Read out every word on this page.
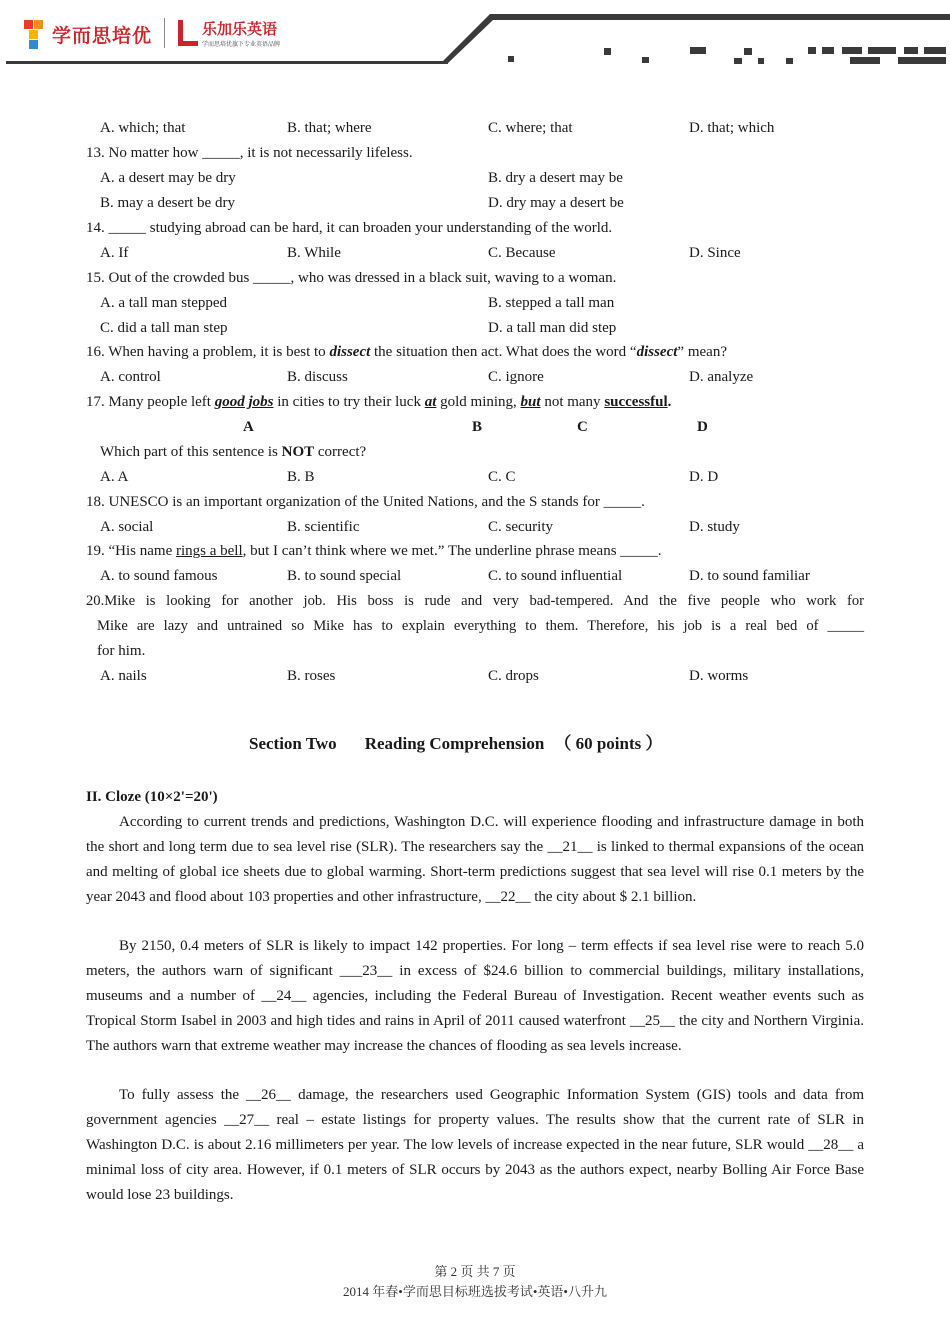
学而思培优	乐加乐英语
学而思培优旗下专业英语品牌
A. which; that	B. that; where	C. where; that	D. that; which
13. No matter how _____, it is not necessarily lifeless.
A. a desert may be dry	B. dry a desert may be
B. may a desert be dry	D. dry may a desert be
14. _____ studying abroad can be hard, it can broaden your understanding of the world.
A. If	B. While	C. Because	D. Since
15. Out of the crowded bus _____, who was dressed in a black suit, waving to a woman.
A. a tall man stepped	B. stepped a tall man
C. did a tall man step	D. a tall man did step
16. When having a problem, it is best to dissect the situation then act. What does the word “dissect” mean?
A. control	B. discuss	C. ignore	D. analyze
17. Many people left good jobs in cities to try their luck at gold mining, but not many successful.
A	B	C	D
Which part of this sentence is NOT correct?
A. A	B. B	C. C	D. D
18. UNESCO is an important organization of the United Nations, and the S stands for _____.
A. social	B. scientific	C. security	D. study
19. “His name rings a bell, but I can’t think where we met.” The underline phrase means _____.
A. to sound famous	B. to sound special	C. to sound influential	D. to sound familiar
20.Mike is looking for another job. His boss is rude and very bad-tempered. And the five people who work for
Mike are lazy and untrained so Mike has to explain everything to them. Therefore, his job is a real bed of _____
for him.
A. nails	B. roses	C. drops	D. worms
Section Two Reading Comprehension （ 60 points ）
II. Cloze (10×2'=20')
According to current trends and predictions, Washington D.C. will experience flooding and infrastructure damage in both the short and long term due to sea level rise (SLR). The researchers say the __21__ is linked to thermal expansions of the ocean and melting of global ice sheets due to global warming. Short-term predictions suggest that sea level will rise 0.1 meters by the year 2043 and flood about 103 properties and other infrastructure, __22__ the city about $ 2.1 billion.
By 2150, 0.4 meters of SLR is likely to impact 142 properties. For long – term effects if sea level rise were to reach 5.0 meters, the authors warn of significant ___23__ in excess of $24.6 billion to commercial buildings, military installations, museums and a number of __24__ agencies, including the Federal Bureau of Investigation. Recent weather events such as Tropical Storm Isabel in 2003 and high tides and rains in April of 2011 caused waterfront __25__ the city and Northern Virginia. The authors warn that extreme weather may increase the chances of flooding as sea levels increase.
To fully assess the __26__ damage, the researchers used Geographic Information System (GIS) tools and data from government agencies __27__ real – estate listings for property values. The results show that the current rate of SLR in Washington D.C. is about 2.16 millimeters per year. The low levels of increase expected in the near future, SLR would __28__ a minimal loss of city area. However, if 0.1 meters of SLR occurs by 2043 as the authors expect, nearby Bolling Air Force Base would lose 23 buildings.
第 2 页 共 7 页
2014 年春•学而思目标班选拔考试•英语•八升九
